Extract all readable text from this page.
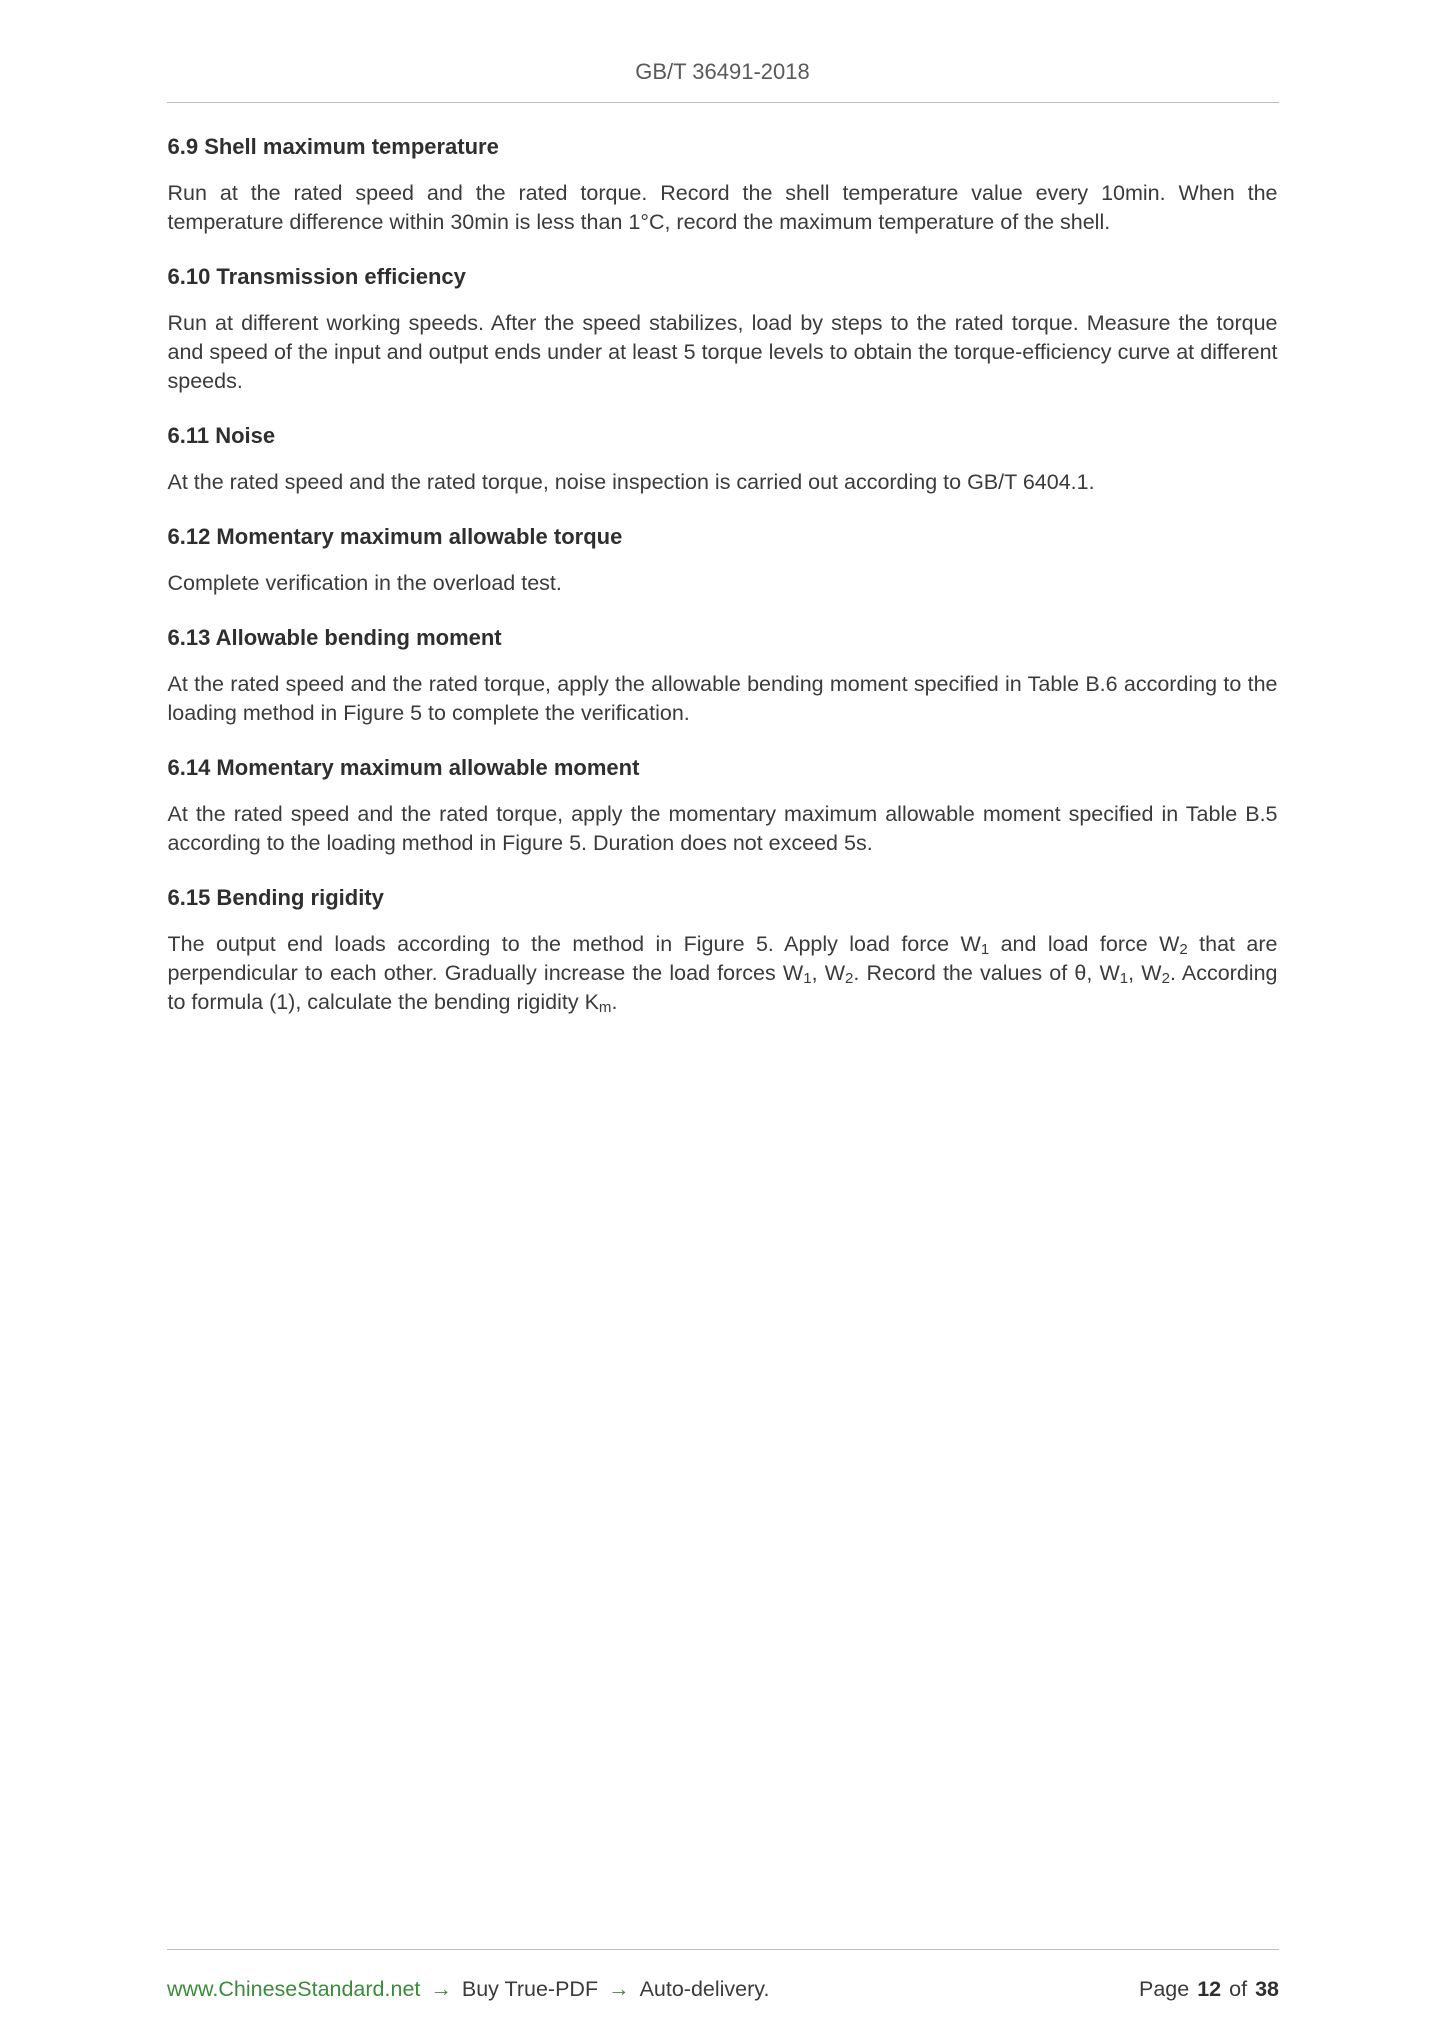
GB/T 36491-2018
6.9 Shell maximum temperature

Run at the rated speed and the rated torque. Record the shell temperature value every 10min. When the temperature difference within 30min is less than 1°C, record the maximum temperature of the shell.

6.10 Transmission efficiency

Run at different working speeds. After the speed stabilizes, load by steps to the rated torque. Measure the torque and speed of the input and output ends under at least 5 torque levels to obtain the torque-efficiency curve at different speeds.

6.11 Noise

At the rated speed and the rated torque, noise inspection is carried out according to GB/T 6404.1.

6.12 Momentary maximum allowable torque

Complete verification in the overload test.

6.13 Allowable bending moment

At the rated speed and the rated torque, apply the allowable bending moment specified in Table B.6 according to the loading method in Figure 5 to complete the verification.

6.14 Momentary maximum allowable moment

At the rated speed and the rated torque, apply the momentary maximum allowable moment specified in Table B.5 according to the loading method in Figure 5. Duration does not exceed 5s.

6.15 Bending rigidity

The output end loads according to the method in Figure 5. Apply load force $W_1$ and load force $W_2$ that are perpendicular to each other. Gradually increase the load forces $W_1$, $W_2$. Record the values of θ, $W_1$, $W_2$. According to formula (1), calculate the bending rigidity $K_m$.

www.ChineseStandard.net → Buy True-PDF → Auto-delivery.	Page 12 of 38
